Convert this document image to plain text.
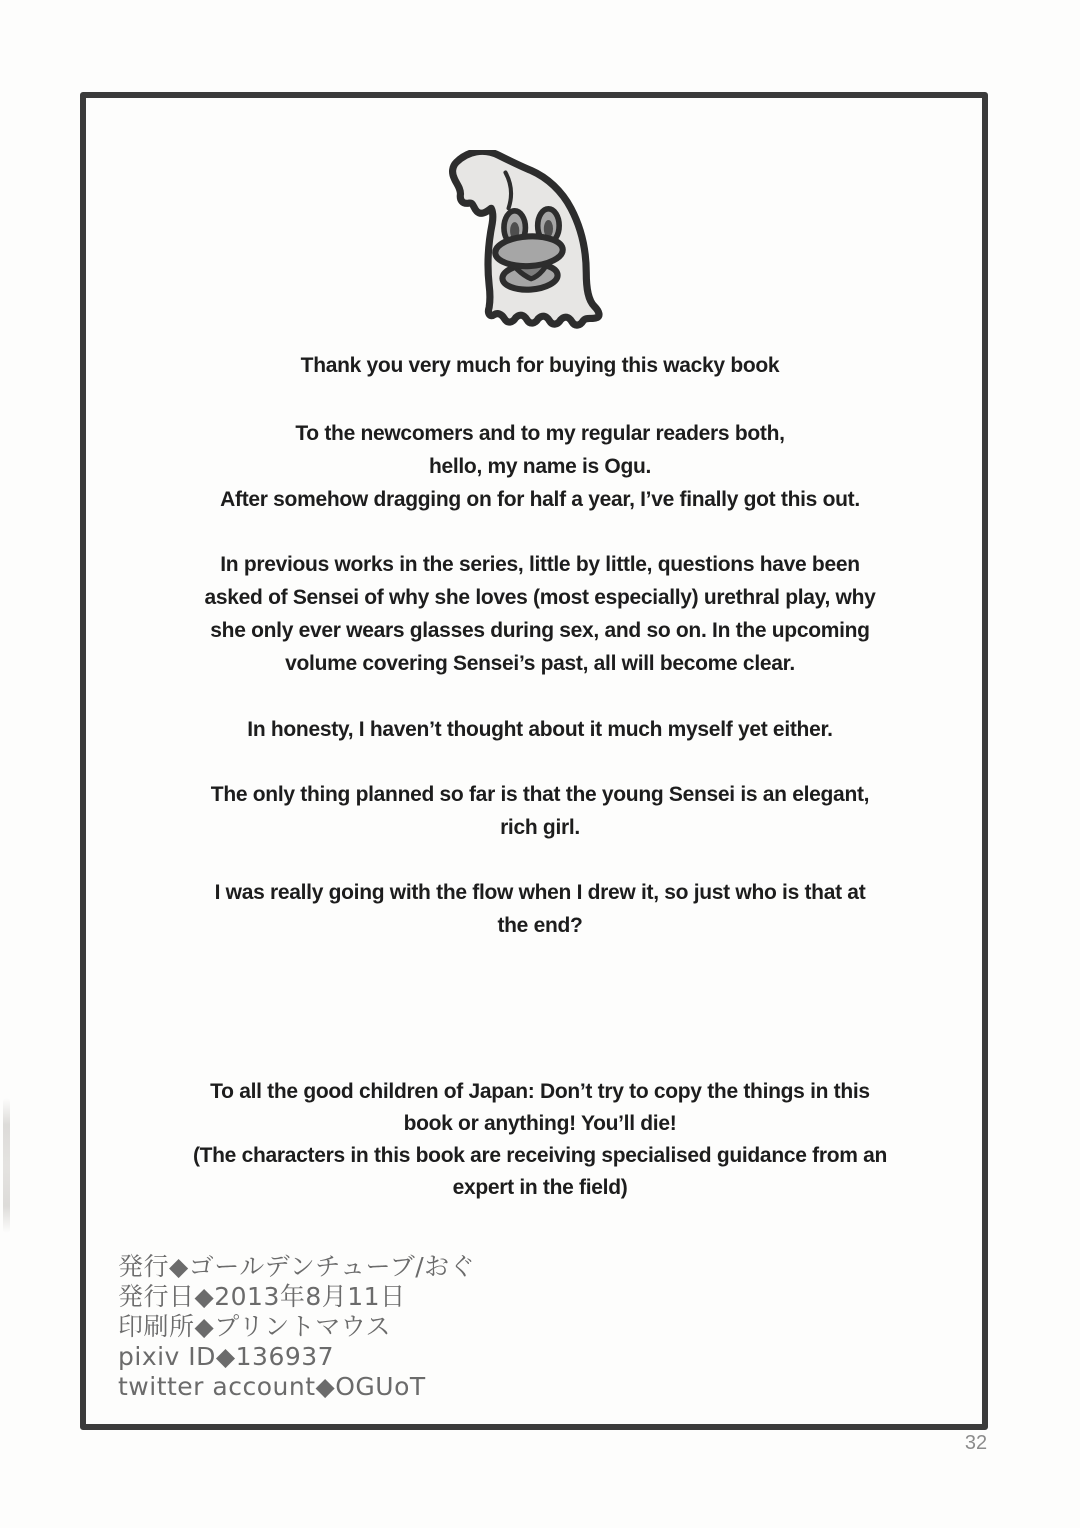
Thank you very much for buying this wacky book
To the newcomers and to my regular readers both,
hello, my name is Ogu.
After somehow dragging on for half a year, I’ve finally got this out.
In previous works in the series, little by little, questions have been
asked of Sensei of why she loves (most especially) urethral play, why
she only ever wears glasses during sex, and so on. In the upcoming
volume covering Sensei’s past, all will become clear.
In honesty, I haven’t thought about it much myself yet either.
The only thing planned so far is that the young Sensei is an elegant,
rich girl.
I was really going with the flow when I drew it, so just who is that at
the end?
To all the good children of Japan: Don’t try to copy the things in this
book or anything! You’ll die!
(The characters in this book are receiving specialised guidance from an
expert in the field)
発行◆ゴールデンチューブ/おぐ
発行日◆2013年8月11日
印刷所◆プリントマウス
pixiv ID◆136937
twitter account◆OGUoT
32
